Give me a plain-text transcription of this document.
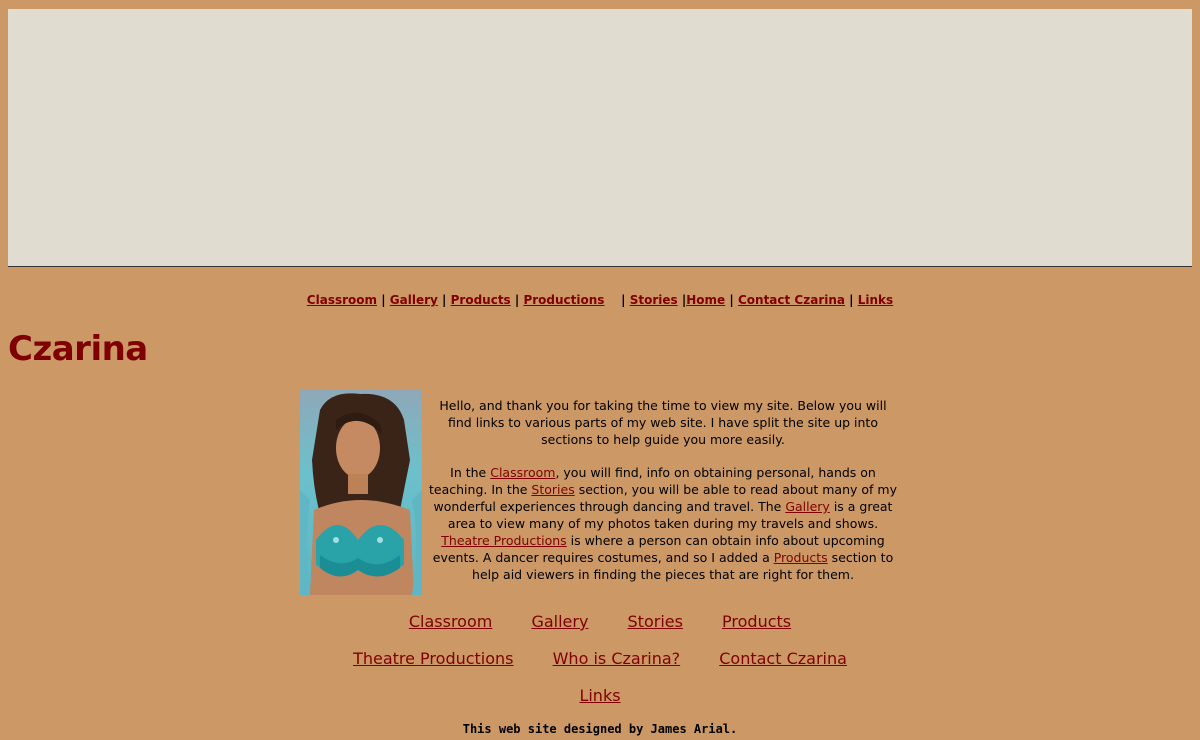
Classroom | Gallery | Products | Productions | Stories |Home | Contact Czarina | Links
Czarina

Hello, and thank you for taking the time to view my site. Below you will find links to various parts of my web site. I have split the site up into sections to help guide you more easily.

In the Classroom, you will find, info on obtaining personal, hands on teaching. In the Stories section, you will be able to read about many of my wonderful experiences through dancing and travel. The Gallery is a great area to view many of my photos taken during my travels and shows. Theatre Productions is where a person can obtain info about upcoming events. A dancer requires costumes, and so I added a Products section to help aid viewers in finding the pieces that are right for them.

Classroom Gallery Stories Products
Theatre Productions Who is Czarina? Contact Czarina
Links
This web site designed by James Arial.
